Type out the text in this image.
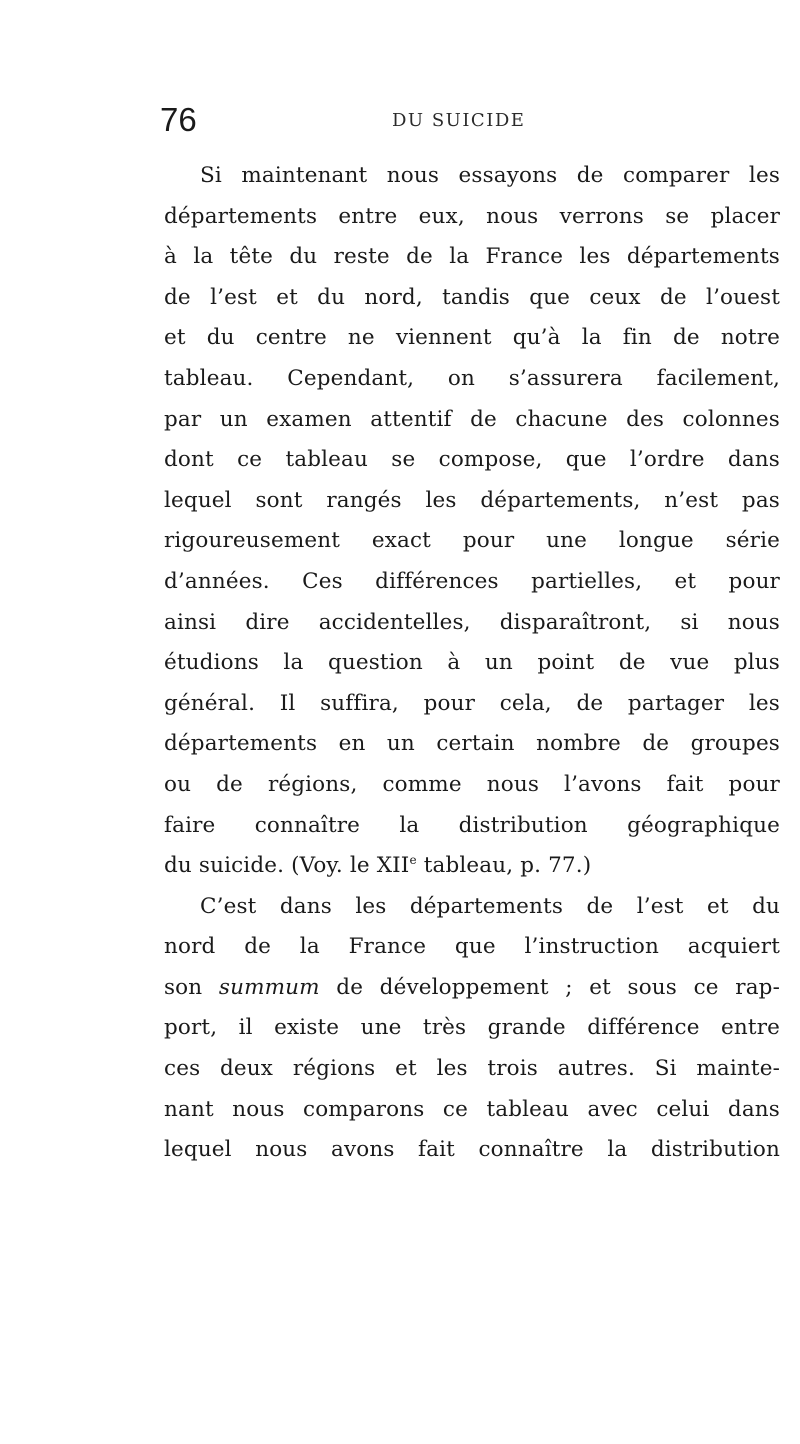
76	DU SUICIDE
Si maintenant nous essayons de comparer les
départements entre eux, nous verrons se placer
à la tête du reste de la France les départements
de l’est et du nord, tandis que ceux de l’ouest
et du centre ne viennent qu’à la fin de notre
tableau. Cependant, on s’assurera facilement,
par un examen attentif de chacune des colonnes
dont ce tableau se compose, que l’ordre dans
lequel sont rangés les départements, n’est pas
rigoureusement exact pour une longue série
d’années. Ces différences partielles, et pour
ainsi dire accidentelles, disparaîtront, si nous
étudions la question à un point de vue plus
général. Il suffira, pour cela, de partager les
départements en un certain nombre de groupes
ou de régions, comme nous l’avons fait pour
faire connaître la distribution géographique
du suicide. (Voy. le XIIe tableau, p. 77.)
C’est dans les départements de l’est et du
nord de la France que l’instruction acquiert
son summum de développement ; et sous ce rap-
port, il existe une très grande différence entre
ces deux régions et les trois autres. Si mainte-
nant nous comparons ce tableau avec celui dans
lequel nous avons fait connaître la distribution
